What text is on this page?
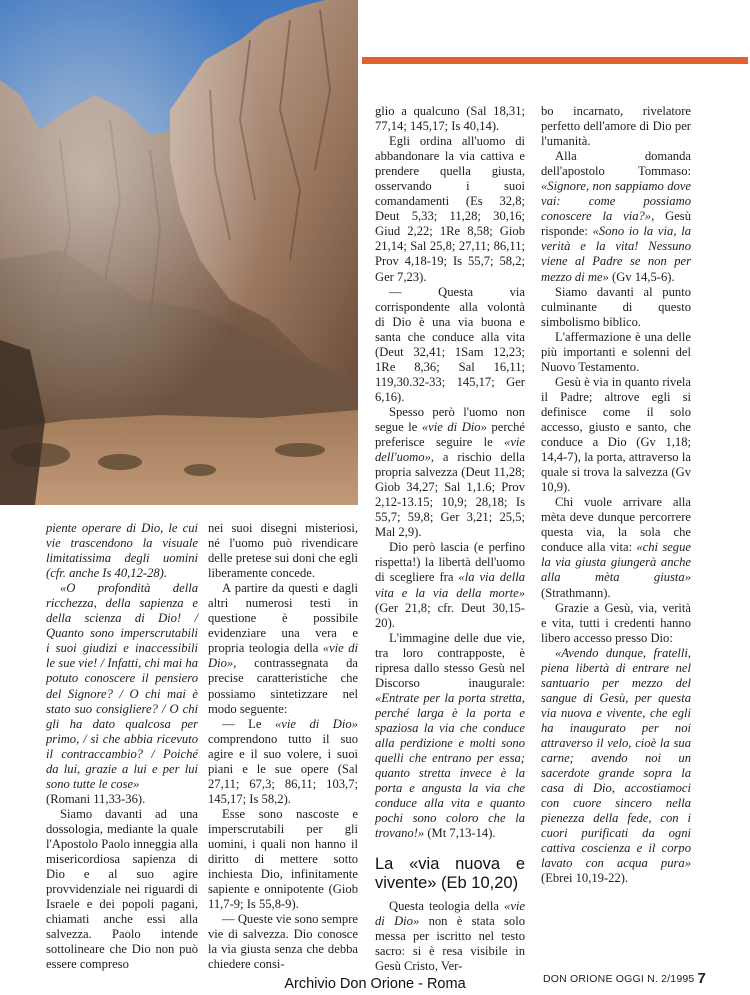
piente operare di Dio, le cui vie trascendono la visuale limitatissima degli uomini (cfr. anche Is 40,12-28).

«O profondità della ricchezza, della sapienza e della scienza di Dio! / Quanto sono imperscrutabili i suoi giudizi e inaccessibili le sue vie! / Infatti, chi mai ha potuto conoscere il pensiero del Signore? / O chi mai è stato suo consigliere? / O chi gli ha dato qualcosa per primo, / sì che abbia ricevuto il contraccambio? / Poiché da lui, grazie a lui e per lui sono tutte le cose»

(Romani 11,33-36).

Siamo davanti ad una dossologia, mediante la quale l'Apostolo Paolo inneggia alla misericordiosa sapienza di Dio e al suo agire provvidenziale nei riguardi di Israele e dei popoli pagani, chiamati anche essi alla salvezza. Paolo intende sottolineare che Dio non può essere compreso

nei suoi disegni misteriosi, né l'uomo può rivendicare delle pretese sui doni che egli liberamente concede.

A partire da questi e dagli altri numerosi testi in questione è possibile evidenziare una vera e propria teologia della «vie di Dio», contrassegnata da precise caratteristiche che possiamo sintetizzare nel modo seguente:

— Le «vie di Dio» comprendono tutto il suo agire e il suo volere, i suoi piani e le sue opere (Sal 27,11; 67,3; 86,11; 103,7; 145,17; Is 58,2).

Esse sono nascoste e imperscrutabili per gli uomini, i quali non hanno il diritto di mettere sotto inchiesta Dio, infinitamente sapiente e onnipotente (Giob 11,7-9; Is 55,8-9).

— Queste vie sono sempre vie di salvezza. Dio conosce la via giusta senza che debba chiedere consi-

glio a qualcuno (Sal 18,31; 77,14; 145,17; Is 40,14).

Egli ordina all'uomo di abbandonare la via cattiva e prendere quella giusta, osservando i suoi comandamenti (Es 32,8; Deut 5,33; 11,28; 30,16; Giud 2,22; 1Re 8,58; Giob 21,14; Sal 25,8; 27,11; 86,11; Prov 4,18-19; Is 55,7; 58,2; Ger 7,23).

— Questa via corrispondente alla volontà di Dio è una via buona e santa che conduce alla vita (Deut 32,41; 1Sam 12,23; 1Re 8,36; Sal 16,11; 119,30.32-33; 145,17; Ger 6,16).

Spesso però l'uomo non segue le «vie di Dio» perché preferisce seguire le «vie dell'uomo», a rischio della propria salvezza (Deut 11,28; Giob 34,27; Sal 1,1.6; Prov 2,12-13.15; 10,9; 28,18; Is 55,7; 59,8; Ger 3,21; 25,5; Mal 2,9).

Dio però lascia (e perfino rispetta!) la libertà dell'uomo di scegliere fra «la via della vita e la via della morte» (Ger 21,8; cfr. Deut 30,15-20).

L'immagine delle due vie, tra loro contrapposte, è ripresa dallo stesso Gesù nel Discorso inaugurale: «Entrate per la porta stretta, perché larga è la porta e spaziosa la via che conduce alla perdizione e molti sono quelli che entrano per essa; quanto stretta invece è la porta e angusta la via che conduce alla vita e quanto pochi sono coloro che la trovano!» (Mt 7,13-14).

La «via nuova e vivente» (Eb 10,20)

Questa teologia della «vie di Dio» non è stata solo messa per iscritto nel testo sacro: si è resa visibile in Gesù Cristo, Ver-

bo incarnato, rivelatore perfetto dell'amore di Dio per l'umanità.

Alla domanda dell'apostolo Tommaso: «Signore, non sappiamo dove vai: come possiamo conoscere la via?», Gesù risponde: «Sono io la via, la verità e la vita! Nessuno viene al Padre se non per mezzo di me» (Gv 14,5-6).

Siamo davanti al punto culminante di questo simbolismo biblico.

L'affermazione è una delle più importanti e solenni del Nuovo Testamento.

Gesù è via in quanto rivela il Padre; altrove egli si definisce come il solo accesso, giusto e santo, che conduce a Dio (Gv 1,18; 14,4-7), la porta, attraverso la quale si trova la salvezza (Gv 10,9).

Chi vuole arrivare alla mèta deve dunque percorrere questa via, la sola che conduce alla vita: «chi segue la via giusta giungerà anche alla mèta giusta» (Strathmann).

Grazie a Gesù, via, verità e vita, tutti i credenti hanno libero accesso presso Dio:

«Avendo dunque, fratelli, piena libertà di entrare nel santuario per mezzo del sangue di Gesù, per questa via nuova e vivente, che egli ha inaugurato per noi attraverso il velo, cioè la sua carne; avendo noi un sacerdote grande sopra la casa di Dio, accostiamoci con cuore sincero nella pienezza della fede, con i cuori purificati da ogni cattiva coscienza e il corpo lavato con acqua pura» (Ebrei 10,19-22).

DON ORIONE OGGI N. 2/1995 7
Archivio Don Orione - Roma
